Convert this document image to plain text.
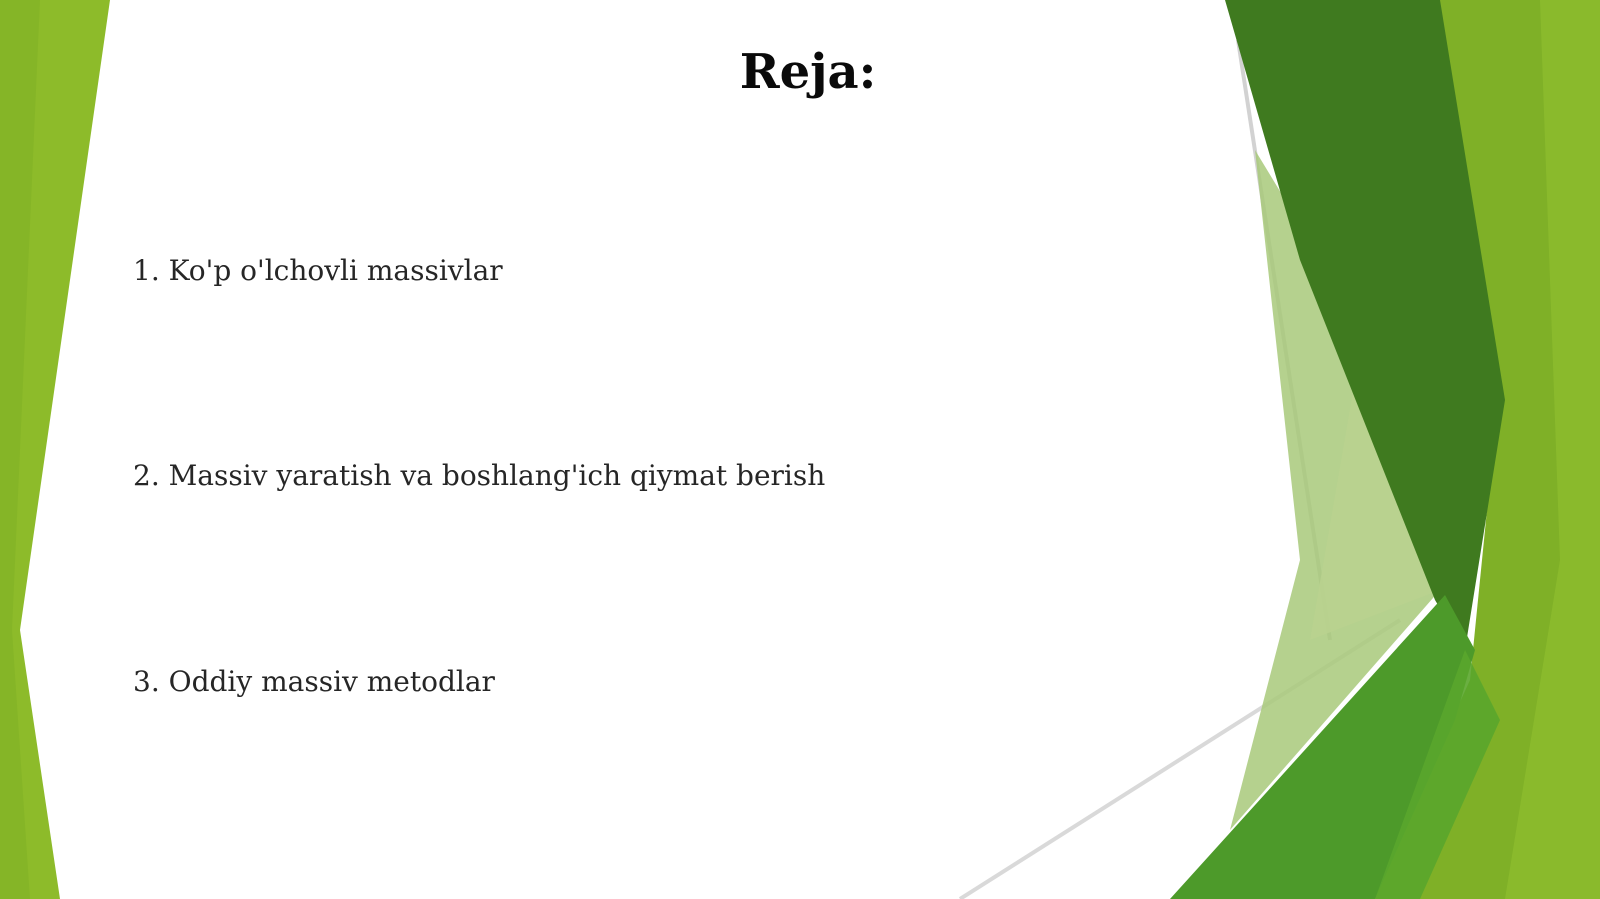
Reja:
1. Ko'p o'lchovli massivlar
2. Massiv yaratish va boshlang'ich qiymat berish
3. Oddiy massiv metodlar
